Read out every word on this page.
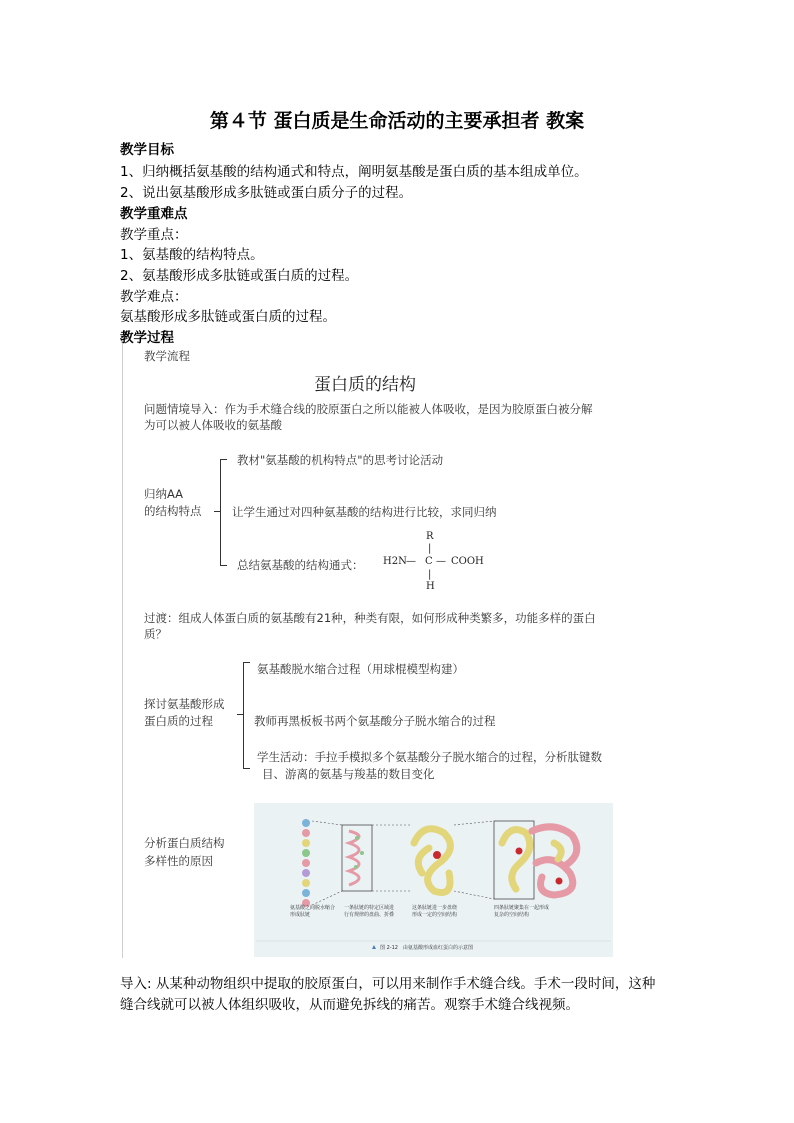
第４节 蛋白质是生命活动的主要承担者 教案
教学目标
1、归纳概括氨基酸的结构通式和特点，阐明氨基酸是蛋白质的基本组成单位。
2、说出氨基酸形成多肽链或蛋白质分子的过程。
教学重难点
教学重点：
1、氨基酸的结构特点。
2、氨基酸形成多肽链或蛋白质的过程。
教学难点：
氨基酸形成多肽链或蛋白质的过程。
教学过程
教学流程
蛋白质的结构
问题情境导入：作为手术缝合线的胶原蛋白之所以能被人体吸收，是因为胶原蛋白被分解
为可以被人体吸收的氨基酸
归纳AA
的结构特点
教材"氨基酸的机构特点"的思考讨论活动
让学生通过对四种氨基酸的结构进行比较，求同归纳
总结氨基酸的结构通式：
R
|
H2N — C — COOH
|
H
过渡：组成人体蛋白质的氨基酸有21种，种类有限，如何形成种类繁多，功能多样的蛋白
质？
探讨氨基酸形成
蛋白质的过程
氨基酸脱水缩合过程（用球棍模型构建）
教师再黑板板书两个氨基酸分子脱水缩合的过程
学生活动：手拉手模拟多个氨基酸分子脱水缩合的过程，分析肽键数
目、游离的氨基与羧基的数目变化
分析蛋白质结构
多样性的原因
氨基酸之间脱水缩合形成肽链
一条肽链的特定区域进行有规律的盘曲、折叠
这条肽链进一步盘绕形成一定的空间结构
四条肽链聚集在一起形成复杂的空间结构
图 2-12　由氨基酸形成血红蛋白的示意图
导入: 从某种动物组织中提取的胶原蛋白，可以用来制作手术缝合线。手术一段时间，这种
缝合线就可以被人体组织吸收，从而避免拆线的痛苦。观察手术缝合线视频。
